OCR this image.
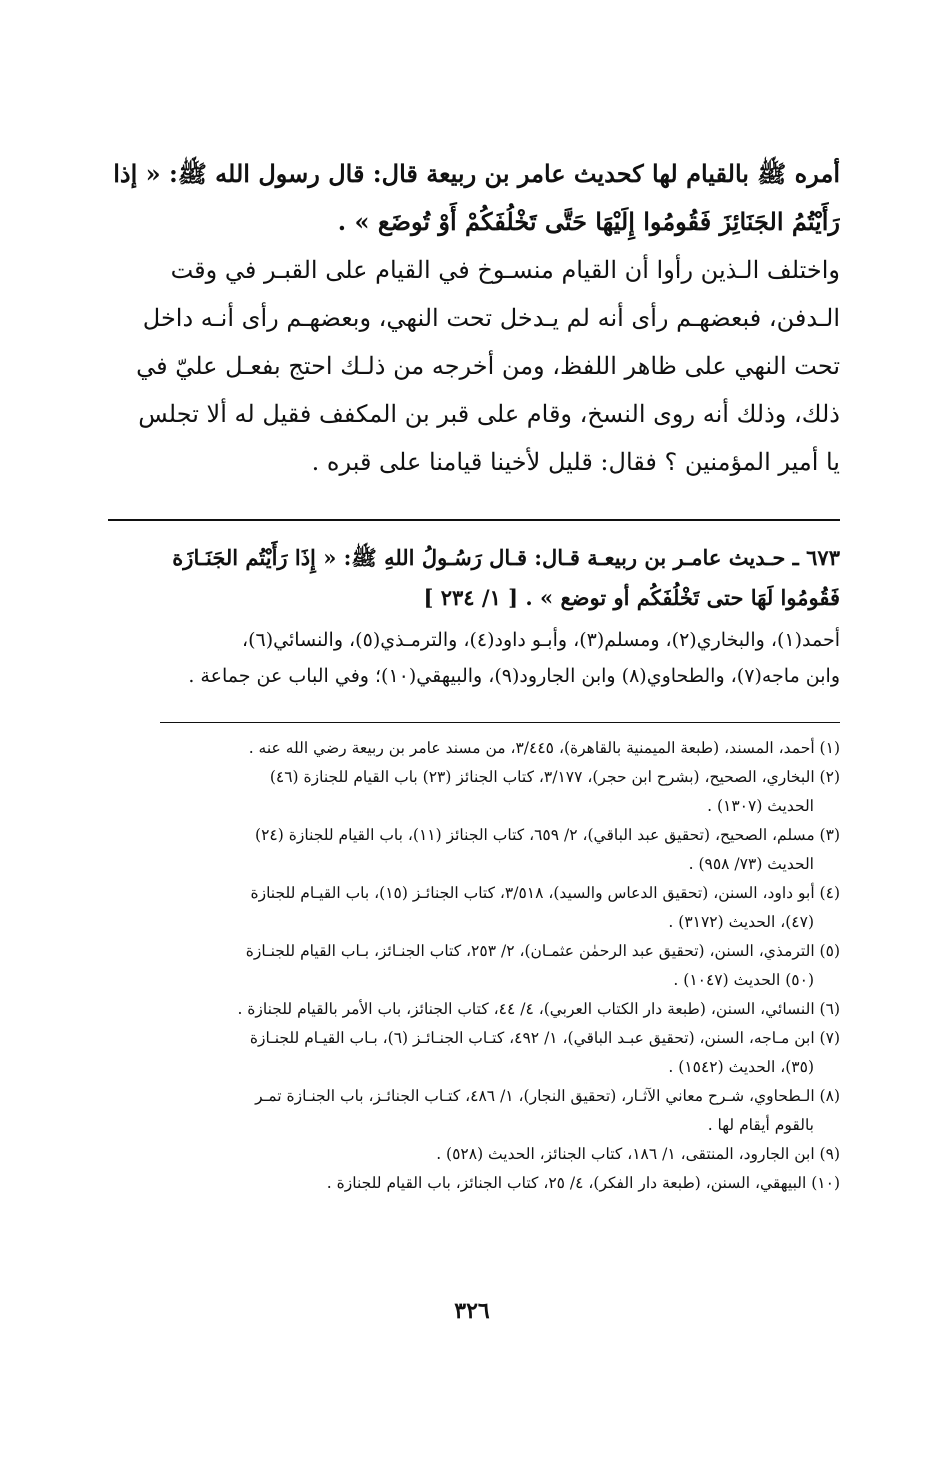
أمره ﷺ بالقيام لها كحديث عامر بن ربيعة قال: قال رسول الله ﷺ: « إذا
رَأَيْتُمُ الجَنَائِزَ فَقُومُوا إِلَيْهَا حَتَّى تَخْلُفَكُمْ أَوْ تُوضَع » .
واختلف الـذين رأوا أن القيام منسـوخ في القيام على القبـر في وقت
الـدفن، فبعضهـم رأى أنه لم يـدخل تحت النهي، وبعضهـم رأى أنـه داخل
تحت النهي على ظاهر اللفظ، ومن أخرجه من ذلـك احتج بفعـل عليّ في
ذلك، وذلك أنه روى النسخ، وقام على قبر بن المكفف فقيل له ألا تجلس
يا أمير المؤمنين ؟ فقال: قليل لأخينا قيامنا على قبره .
٦٧٣ ـ حـديث عامـر بن ربيعـة قـال: قـال رَسُـولُ اللهِ ﷺ: « إِذَا رَأَيْتُم الجَنَـازَة
فَقُومُوا لَهَا حتى تَخْلُفَكُم أو توضع » . [ ١/ ٢٣٤ ]
أحمد(١)، والبخاري(٢)، ومسلم(٣)، وأبـو داود(٤)، والترمـذي(٥)، والنسائي(٦)،
وابن ماجه(٧)، والطحاوي(٨) وابن الجارود(٩)، والبيهقي(١٠)؛ وفي الباب عن جماعة .
(١) أحمد، المسند، (طبعة الميمنية بالقاهرة)، ٣/٤٤٥، من مسند عامر بن ربيعة رضي الله عنه .
(٢) البخاري، الصحيح، (بشرح ابن حجر)، ٣/١٧٧، كتاب الجنائز (٢٣) باب القيام للجنازة (٤٦)
الحديث (١٣٠٧) .
(٣) مسلم، الصحيح، (تحقيق عبد الباقي)، ٢/ ٦٥٩، كتاب الجنائز (١١)، باب القيام للجنازة (٢٤)
الحديث (٧٣/ ٩٥٨) .
(٤) أبو داود، السنن، (تحقيق الدعاس والسيد)، ٣/٥١٨، كتاب الجنائـز (١٥)، باب القيـام للجنازة
(٤٧)، الحديث (٣١٧٢) .
(٥) الترمذي، السنن، (تحقيق عبد الرحمٰن عثمـان)، ٢/ ٢٥٣، كتاب الجنـائز، بـاب القيام للجنـازة
(٥٠) الحديث (١٠٤٧) .
(٦) النسائي، السنن، (طبعة دار الكتاب العربي)، ٤/ ٤٤، كتاب الجنائز، باب الأمر بالقيام للجنازة .
(٧) ابن مـاجه، السنن، (تحقيق عبـد الباقي)، ١/ ٤٩٢، كتـاب الجنـائـز (٦)، بـاب القيـام للجنـازة
(٣٥)، الحديث (١٥٤٢) .
(٨) الـطحاوي، شـرح معاني الآثـار، (تحقيق النجار)، ١/ ٤٨٦، كتـاب الجنائـز، باب الجنـازة تمـر
بالقوم أيقام لها .
(٩) ابن الجارود، المنتقى، ١/ ١٨٦، كتاب الجنائز، الحديث (٥٢٨) .
(١٠) البيهقي، السنن، (طبعة دار الفكر)، ٤/ ٢٥، كتاب الجنائز، باب القيام للجنازة .
٣٢٦
